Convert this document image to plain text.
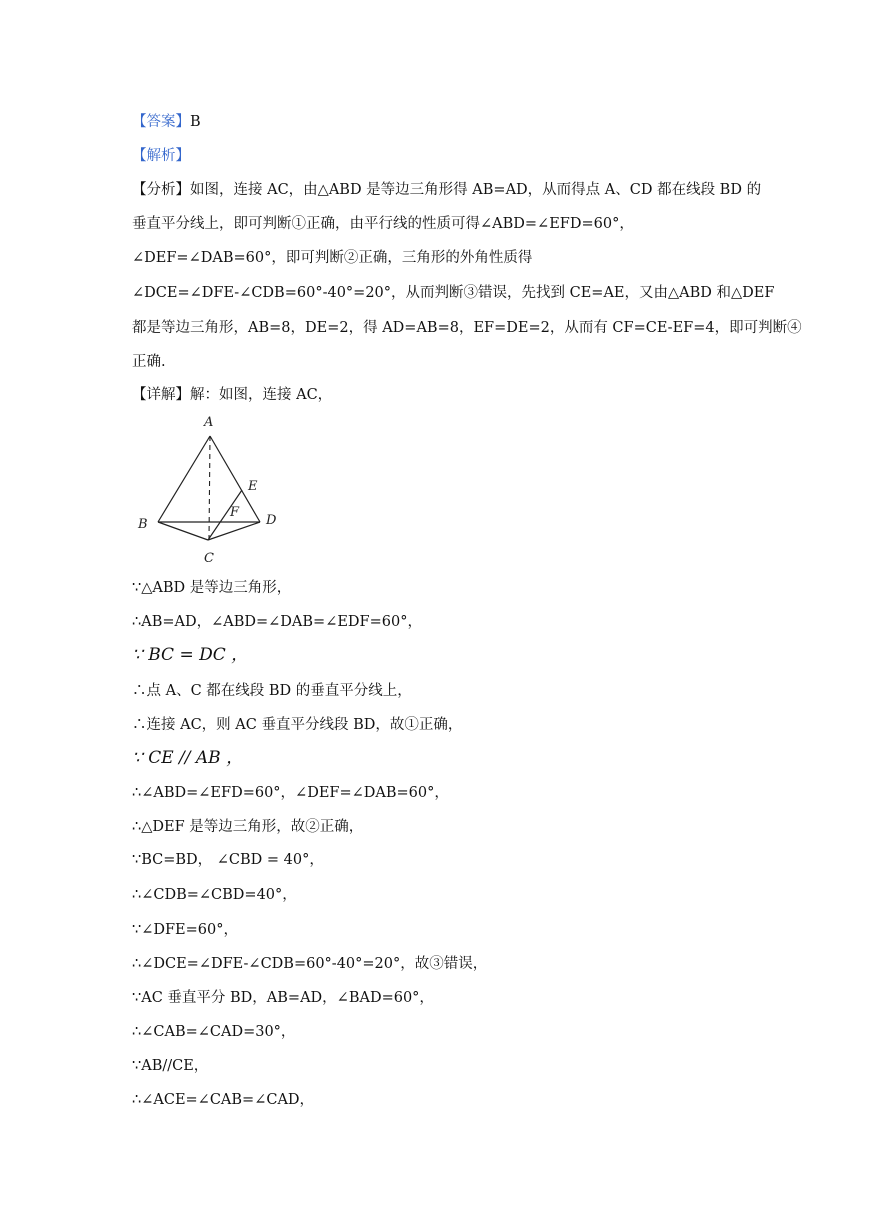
【答案】B
【解析】
【分析】如图，连接 AC，由△ABD 是等边三角形得 AB=AD，从而得点 A、CD 都在线段 BD 的
垂直平分线上，即可判断①正确，由平行线的性质可得∠ABD=∠EFD=60°，
∠DEF=∠DAB=60°，即可判断②正确，三角形的外角性质得
∠DCE=∠DFE-∠CDB=60°-40°=20°，从而判断③错误，先找到 CE=AE，又由△ABD 和△DEF
都是等边三角形，AB=8，DE=2，得 AD=AB=8，EF=DE=2，从而有 CF=CE-EF=4，即可判断④
正确.
【详解】解：如图，连接 AC，
A
B
C
D
E
F
∵△ABD 是等边三角形，
∴AB=AD，∠ABD=∠DAB=∠EDF=60°，
∵ BC = DC ，
∴点 A、C 都在线段 BD 的垂直平分线上，
∴连接 AC，则 AC 垂直平分线段 BD，故①正确，
∵ CE // AB ，
∴∠ABD=∠EFD=60°，∠DEF=∠DAB=60°，
∴△DEF 是等边三角形，故②正确，
∵BC=BD， ∠CBD = 40°，
∴∠CDB=∠CBD=40°，
∵∠DFE=60°，
∴∠DCE=∠DFE-∠CDB=60°-40°=20°，故③错误，
∵AC 垂直平分 BD，AB=AD，∠BAD=60°，
∴∠CAB=∠CAD=30°，
∵AB//CE，
∴∠ACE=∠CAB=∠CAD，
